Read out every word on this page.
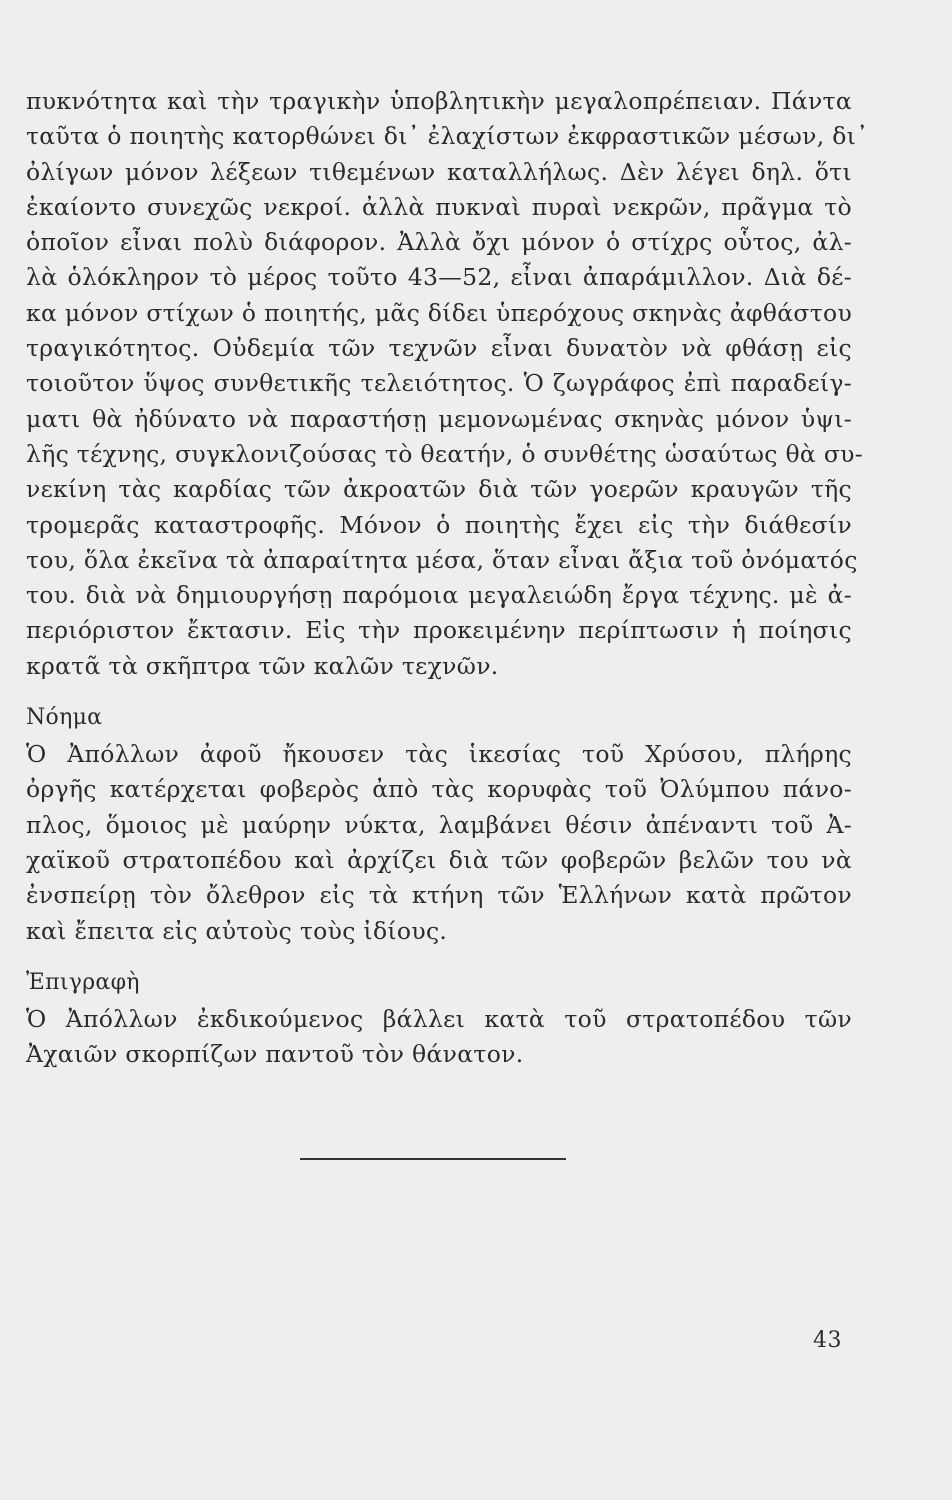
πυκνότητα καὶ τὴν τραγικὴν ὑποβλητικὴν μεγαλοπρέπειαν. Πάντα
ταῦτα ὁ ποιητὴς κατορθώνει δι᾿ ἐλαχίστων ἐκφραστικῶν μέσων, δι᾿
ὀλίγων μόνον λέξεων τιθεμένων καταλλήλως. Δὲν λέγει δηλ. ὅτι
ἐκαίοντο συνεχῶς νεκροί. ἀλλὰ πυκναὶ πυραὶ νεκρῶν, πρᾶγμα τὸ
ὁποῖον εἶναι πολὺ διάφορον. Ἀλλὰ ὄχι μόνον ὁ στίχρς οὗτος, ἀλ-
λὰ ὁλόκληρον τὸ μέρος τοῦτο 43—52, εἶναι ἀπαράμιλλον. Διὰ δέ-
κα μόνον στίχων ὁ ποιητής, μᾶς δίδει ὑπερόχους σκηνὰς ἀφθάστου
τραγικότητος. Οὐδεμία τῶν τεχνῶν εἶναι δυνατὸν νὰ φθάσῃ εἰς
τοιοῦτον ὕψος συνθετικῆς τελειότητος. Ὁ ζωγράφος ἐπὶ παραδείγ-
ματι θὰ ἠδύνατο νὰ παραστήσῃ μεμονωμένας σκηνὰς μόνον ὑψι-
λῆς τέχνης, συγκλονιζούσας τὸ θεατήν, ὁ συνθέτης ὡσαύτως θὰ συ-
νεκίνη τὰς καρδίας τῶν ἀκροατῶν διὰ τῶν γοερῶν κραυγῶν τῆς
τρομερᾶς καταστροφῆς. Μόνον ὁ ποιητὴς ἔχει εἰς τὴν διάθεσίν
του, ὅλα ἐκεῖνα τὰ ἀπαραίτητα μέσα, ὅταν εἶναι ἄξια τοῦ ὀνόματός
του. διὰ νὰ δημιουργήσῃ παρόμοια μεγαλειώδη ἔργα τέχνης. μὲ ἀ-
περιόριστον ἔκτασιν. Εἰς τὴν προκειμένην περίπτωσιν ἡ ποίησις
κρατᾶ τὰ σκῆπτρα τῶν καλῶν τεχνῶν.
Νόημα
Ὁ Ἀπόλλων ἀφοῦ ἤκουσεν τὰς ἱκεσίας τοῦ Χρύσου, πλήρης
ὀργῆς κατέρχεται φοβερὸς ἀπὸ τὰς κορυφὰς τοῦ Ὀλύμπου πάνο-
πλος, ὅμοιος μὲ μαύρην νύκτα, λαμβάνει θέσιν ἀπέναντι τοῦ Ἀ-
χαϊκοῦ στρατοπέδου καὶ ἀρχίζει διὰ τῶν φοβερῶν βελῶν του νὰ
ἐνσπείρῃ τὸν ὄλεθρον εἰς τὰ κτήνη τῶν Ἑλλήνων κατὰ πρῶτον
καὶ ἔπειτα εἰς αὐτοὺς τοὺς ἰδίους.
Ἐπιγραφὴ
Ὁ Ἀπόλλων ἐκδικούμενος βάλλει κατὰ τοῦ στρατοπέδου τῶν
Ἀχαιῶν σκορπίζων παντοῦ τὸν θάνατον.
43
